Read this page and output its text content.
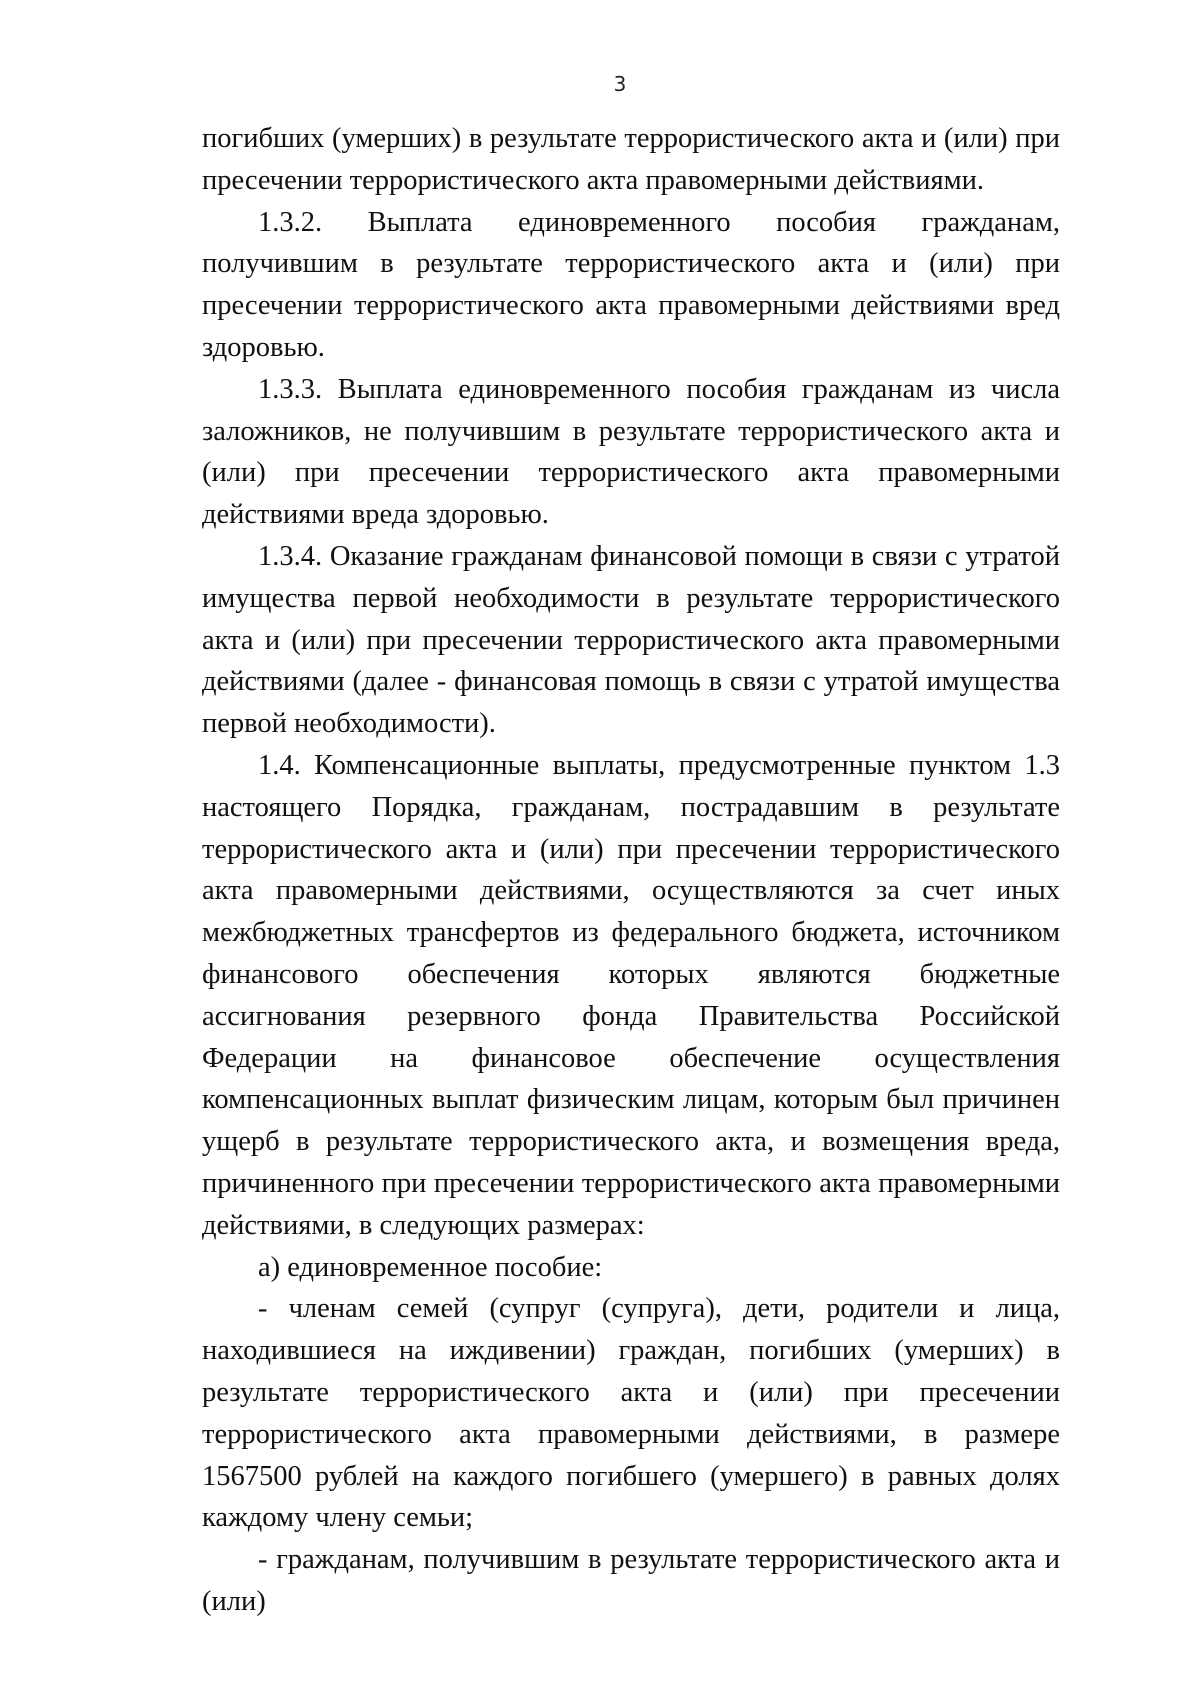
3

погибших (умерших) в результате террористического акта и (или) при пресечении террористического акта правомерными действиями.

1.3.2. Выплата единовременного пособия гражданам, получившим в результате террористического акта и (или) при пресечении террористического акта правомерными действиями вред здоровью.

1.3.3. Выплата единовременного пособия гражданам из числа заложников, не получившим в результате террористического акта и (или) при пресечении террористического акта правомерными действиями вреда здоровью.

1.3.4. Оказание гражданам финансовой помощи в связи с утратой имущества первой необходимости в результате террористического акта и (или) при пресечении террористического акта правомерными действиями (далее - финансовая помощь в связи с утратой имущества первой необходимости).

1.4. Компенсационные выплаты, предусмотренные пунктом 1.3 настоящего Порядка, гражданам, пострадавшим в результате террористического акта и (или) при пресечении террористического акта правомерными действиями, осуществляются за счет иных межбюджетных трансфертов из федерального бюджета, источником финансового обеспечения которых являются бюджетные ассигнования резервного фонда Правительства Российской Федерации на финансовое обеспечение осуществления компенсационных выплат физическим лицам, которым был причинен ущерб в результате террористического акта, и возмещения вреда, причиненного при пресечении террористического акта правомерными действиями, в следующих размерах:

а) единовременное пособие:

- членам семей (супруг (супруга), дети, родители и лица, находившиеся на иждивении) граждан, погибших (умерших) в результате террористического акта и (или) при пресечении террористического акта правомерными действиями, в размере 1567500 рублей на каждого погибшего (умершего) в равных долях каждому члену семьи;

- гражданам, получившим в результате террористического акта и (или)
